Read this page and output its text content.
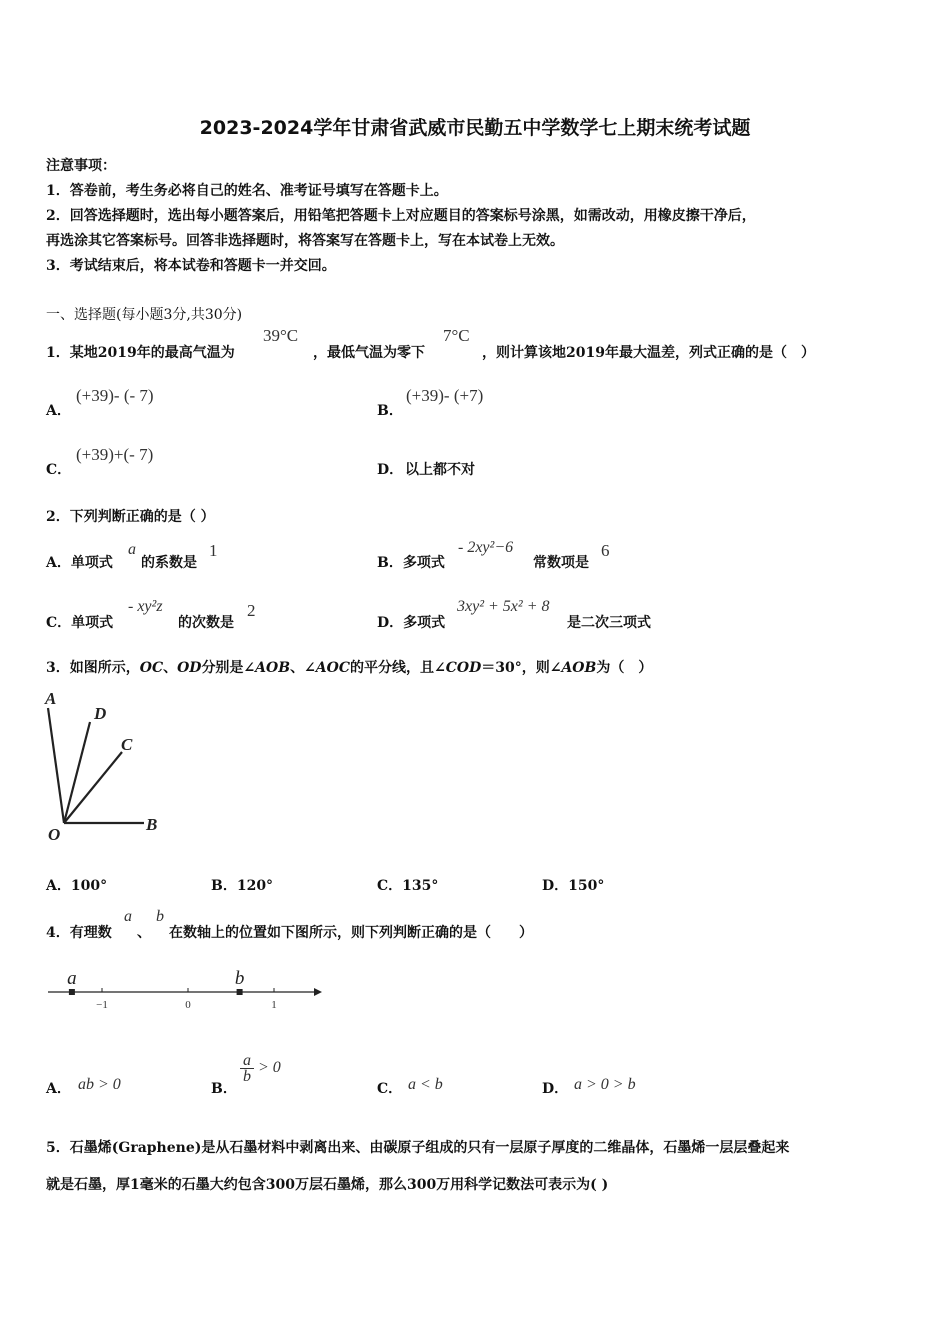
2023-2024学年甘肃省武威市民勤五中学数学七上期末统考试题
注意事项：
1．答卷前，考生务必将自己的姓名、准考证号填写在答题卡上。
2．回答选择题时，选出每小题答案后，用铅笔把答题卡上对应题目的答案标号涂黑，如需改动，用橡皮擦干净后，
再选涂其它答案标号。回答非选择题时，将答案写在答题卡上，写在本试卷上无效。
3．考试结束后，将本试卷和答题卡一并交回。
一、选择题(每小题3分,共30分)
1．某地2019年的最高气温为
39°C
，最低气温为零下
7°C
，则计算该地2019年最大温差，列式正确的是（　）
A．
(+39)- (- 7)
B．
(+39)- (+7)
C．
(+39)+(- 7)
D． 以上都不对
2．下列判断正确的是（ ）
A．单项式
a
的系数是
1
B．多项式
- 2xy²−6
常数项是
6
C．单项式
- xy²z
的次数是
2
D．多项式
3xy² + 5x² + 8
是二次三项式
3．如图所示，OC、OD分别是∠AOB、∠AOC的平分线，且∠COD＝30°，则∠AOB为（　）
A
D
C
O
B
A．100°	B．120°	C．135°	D．150°
4．有理数
a
、
b
在数轴上的位置如下图所示，则下列判断正确的是（　　）
−1	0	1
a	b
A． ab > 0	B．
$\frac{a}{b} > 0$
C． a < b	D． a > 0 > b
5．石墨烯(Graphene)是从石墨材料中剥离出来、由碳原子组成的只有一层原子厚度的二维晶体，石墨烯一层层叠起来
就是石墨，厚1毫米的石墨大约包含300万层石墨烯，那么300万用科学记数法可表示为( )
